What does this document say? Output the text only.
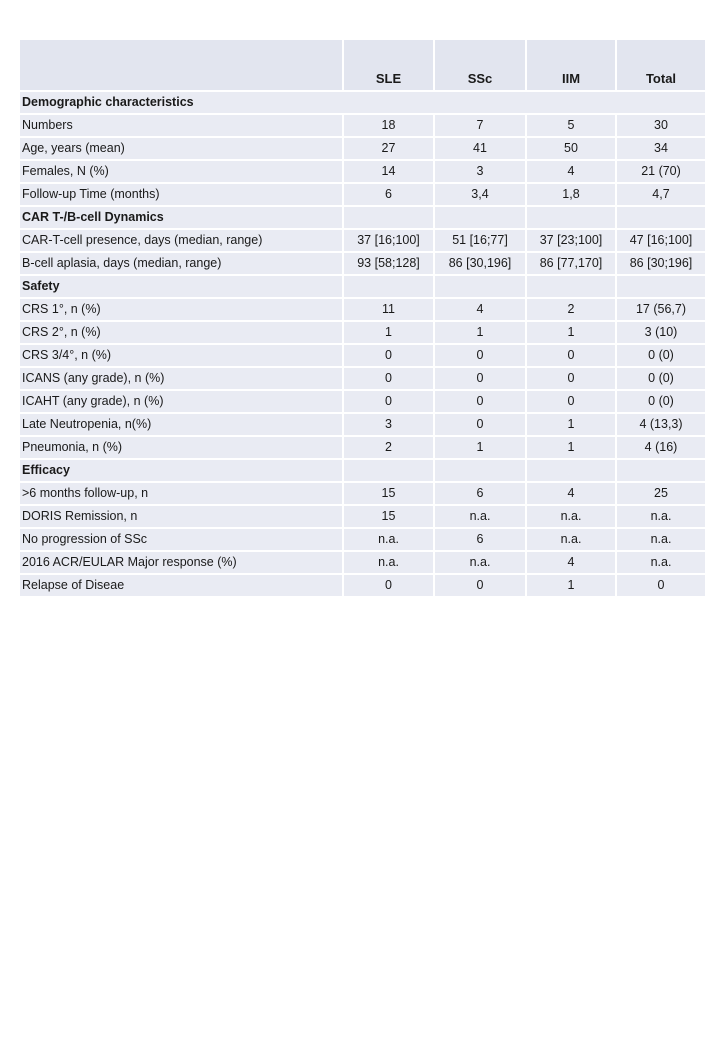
	SLE	SSc	IIM	Total
Demographic characteristics				
Numbers	18	7	5	30
Age, years (mean)	27	41	50	34
Females, N (%)	14	3	4	21 (70)
Follow-up Time (months)	6	3,4	1,8	4,7
CAR T-/B-cell Dynamics				
CAR-T-cell presence, days (median, range)	37 [16;100]	51 [16;77]	37 [23;100]	47 [16;100]
B-cell aplasia, days (median, range)	93 [58;128]	86 [30,196]	86 [77,170]	86 [30;196]
Safety				
CRS 1°, n (%)	11	4	2	17 (56,7)
CRS 2°, n (%)	1	1	1	3 (10)
CRS 3/4°, n (%)	0	0	0	0 (0)
ICANS (any grade), n (%)	0	0	0	0 (0)
ICAHT (any grade), n (%)	0	0	0	0 (0)
Late Neutropenia, n(%)	3	0	1	4 (13,3)
Pneumonia, n (%)	2	1	1	4 (16)
Efficacy				
>6 months follow-up, n	15	6	4	25
DORIS Remission, n	15	n.a.	n.a.	n.a.
No progression of SSc	n.a.	6	n.a.	n.a.
2016 ACR/EULAR Major response (%)	n.a.	n.a.	4	n.a.
Relapse of Diseae	0	0	1	0
